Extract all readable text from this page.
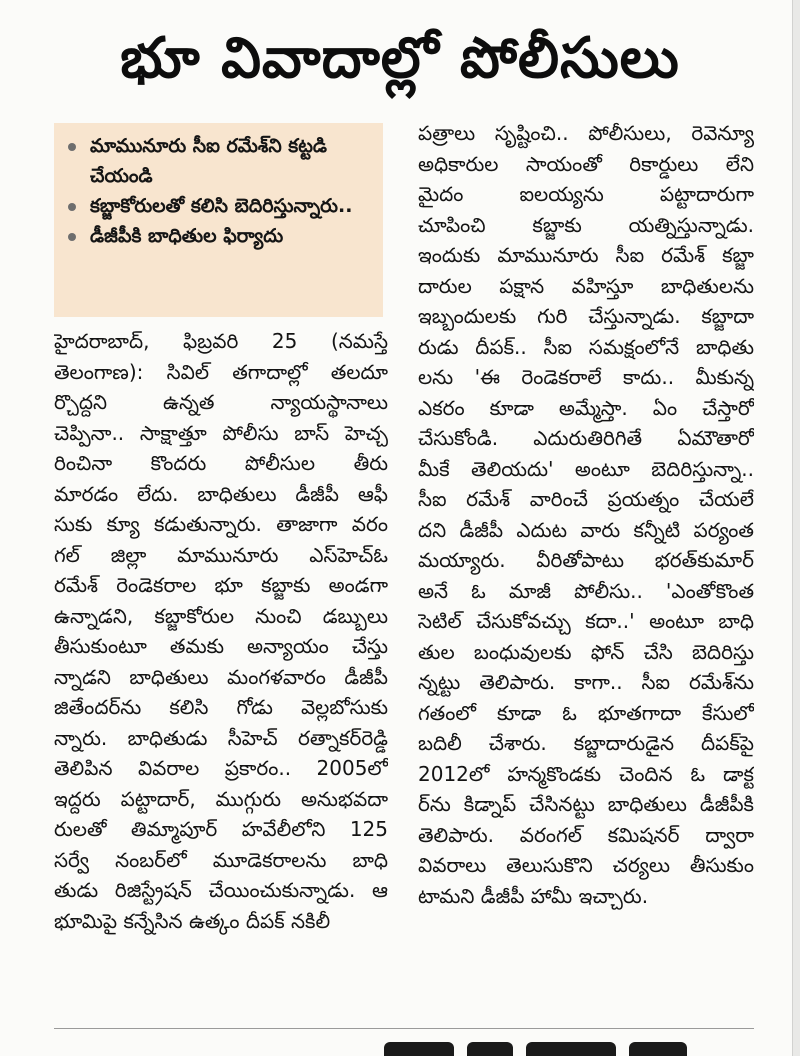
భూ వివాదాల్లో పోలీసులు
మామునూరు సీఐ రమేశ్‌ని కట్టడి చేయండి
కబ్జాకోరులతో కలిసి బెదిరిస్తున్నారు..
డీజీపీకి బాధితుల ఫిర్యాదు
హైదరాబాద్, ఫిబ్రవరి 25 (నమస్తే
తెలంగాణ): సివిల్ తగాదాల్లో తలదూ
ర్చొద్దని ఉన్నత న్యాయస్థానాలు
చెప్పినా.. సాక్షాత్తూ పోలీసు బాస్ హెచ్చ
రించినా కొందరు పోలీసుల తీరు
మారడం లేదు. బాధితులు డీజీపీ ఆఫీ
సుకు క్యూ కడుతున్నారు. తాజాగా వరం
గల్ జిల్లా మామునూరు ఎస్‌హెచ్‌ఓ
రమేశ్ రెండెకరాల భూ కబ్జాకు అండగా
ఉన్నాడని, కబ్జాకోరుల నుంచి డబ్బులు
తీసుకుంటూ తమకు అన్యాయం చేస్తు
న్నాడని బాధితులు మంగళవారం డీజీపీ
జితేందర్‌ను కలిసి గోడు వెల్లబోసుకు
న్నారు. బాధితుడు సీహెచ్ రత్నాకర్‌రెడ్డి
తెలిపిన వివరాల ప్రకారం.. 2005లో
ఇద్దరు పట్టాదార్, ముగ్గురు అనుభవదా
రులతో తిమ్మాపూర్ హవేలీలోని 125
సర్వే నంబర్‌లో మూడెకరాలను బాధి
తుడు రిజిస్ట్రేషన్ చేయించుకున్నాడు. ఆ
భూమిపై కన్నేసిన ఉత్కం దీపక్ నకిలీ
పత్రాలు సృష్టించి.. పోలీసులు, రెవెన్యూ
అధికారుల సాయంతో రికార్డులు లేని
మైదం ఐలయ్యను పట్టాదారుగా
చూపించి కబ్జాకు యత్నిస్తున్నాడు.
ఇందుకు మామునూరు సీఐ రమేశ్ కబ్జా
దారుల పక్షాన వహిస్తూ బాధితులను
ఇబ్బందులకు గురి చేస్తున్నాడు. కబ్జాదా
రుడు దీపక్.. సీఐ సమక్షంలోనే బాధితు
లను 'ఈ రెండెకరాలే కాదు.. మీకున్న
ఎకరం కూడా అమ్మేస్తా. ఏం చేస్తారో
చేసుకోండి. ఎదురుతిరిగితే ఏమౌతారో
మీకే తెలియదు' అంటూ బెదిరిస్తున్నా..
సీఐ రమేశ్ వారించే ప్రయత్నం చేయలే
దని డీజీపీ ఎదుట వారు కన్నీటి పర్యంత
మయ్యారు. వీరితోపాటు భరత్‌కుమార్
అనే ఓ మాజీ పోలీసు.. 'ఎంతోకొంత
సెటిల్ చేసుకోవచ్చు కదా..' అంటూ బాధి
తుల బంధువులకు ఫోన్ చేసి బెదిరిస్తు
న్నట్టు తెలిపారు. కాగా.. సీఐ రమేశ్‌ను
గతంలో కూడా ఓ భూతగాదా కేసులో
బదిలీ చేశారు. కబ్జాదారుడైన దీపక్‌పై
2012లో హన్మకొండకు చెందిన ఓ డాక్ట
ర్‌ను కిడ్నాప్ చేసినట్టు బాధితులు డీజీపీకి
తెలిపారు. వరంగల్ కమిషనర్ ద్వారా
వివరాలు తెలుసుకొని చర్యలు తీసుకుం
టామని డీజీపీ హామీ ఇచ్చారు.
